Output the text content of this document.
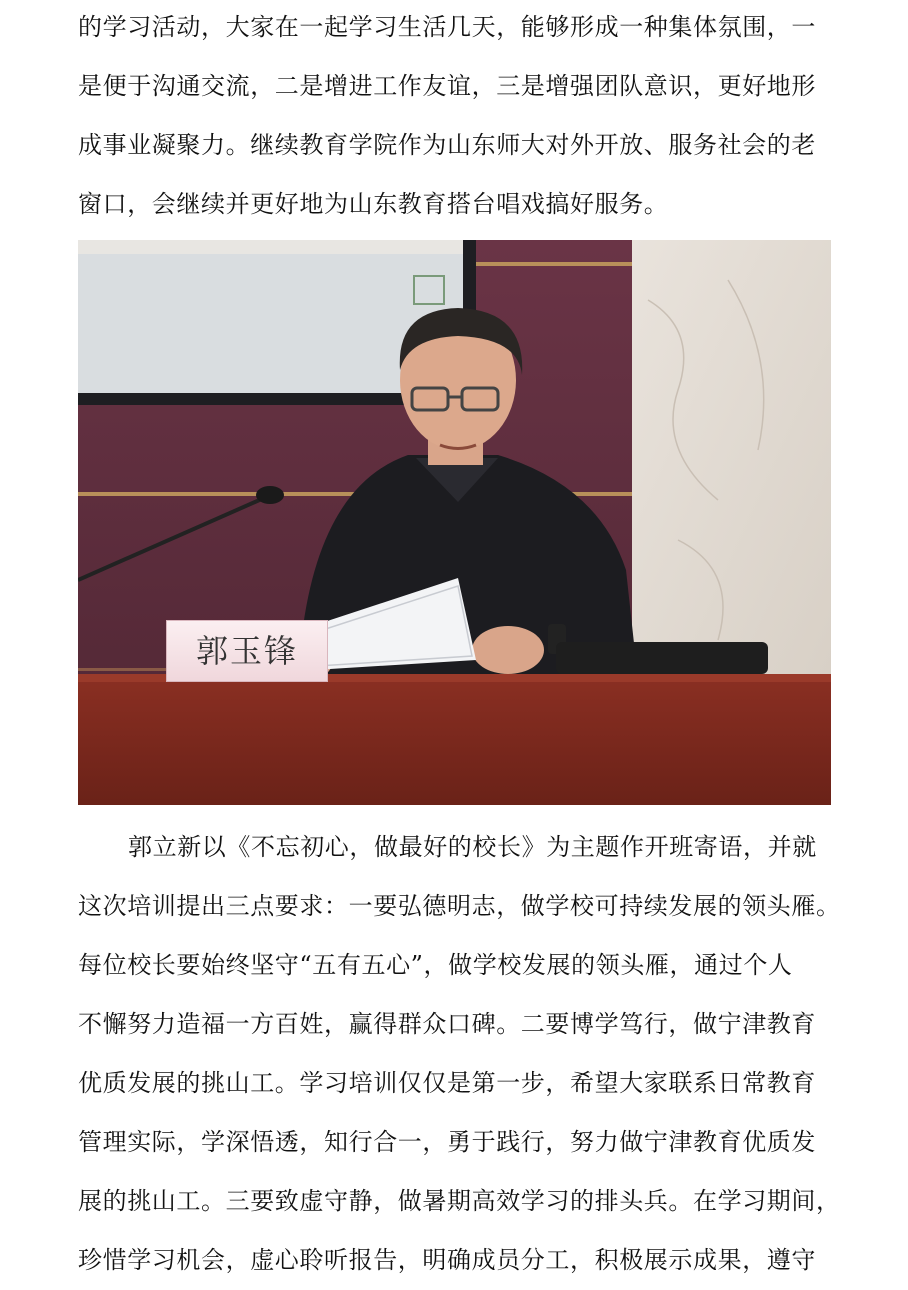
的学习活动，大家在一起学习生活几天，能够形成一种集体氛围，一
是便于沟通交流，二是增进工作友谊，三是增强团队意识，更好地形
成事业凝聚力。继续教育学院作为山东师大对外开放、服务社会的老
窗口，会继续并更好地为山东教育搭台唱戏搞好服务。
郭玉锋
郭立新以《不忘初心，做最好的校长》为主题作开班寄语，并就
这次培训提出三点要求：一要弘德明志，做学校可持续发展的领头雁。
每位校长要始终坚守“五有五心”，做学校发展的领头雁，通过个人
不懈努力造福一方百姓，赢得群众口碑。二要博学笃行，做宁津教育
优质发展的挑山工。学习培训仅仅是第一步，希望大家联系日常教育
管理实际，学深悟透，知行合一，勇于践行，努力做宁津教育优质发
展的挑山工。三要致虚守静，做暑期高效学习的排头兵。在学习期间，
珍惜学习机会，虚心聆听报告，明确成员分工，积极展示成果，遵守
